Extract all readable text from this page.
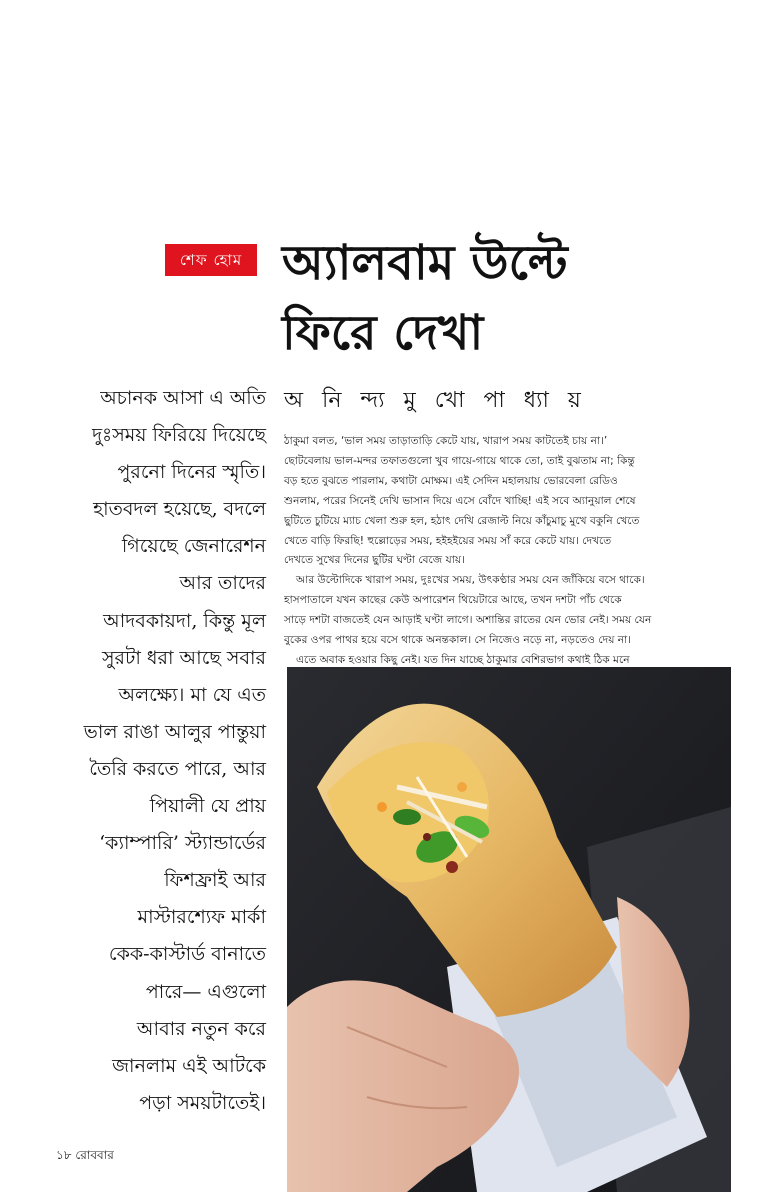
শেফ হোম অ্যালবাম উল্টে
ফিরে দেখা
অ নি ন্দ্য মু খো পা ধ্যা য়
অচানক আসা এ অতি
দুঃসময় ফিরিয়ে দিয়েছে
পুরনো দিনের স্মৃতি।
হাতবদল হয়েছে, বদলে
গিয়েছে জেনারেশন
আর তাদের
আদবকায়দা, কিন্তু মূল
সুরটা ধরা আছে সবার
অলক্ষ্যে। মা যে এত
ভাল রাঙা আলুর পান্তুয়া
তৈরি করতে পারে, আর
পিয়ালী যে প্রায়
‘ক্যাম্পারি’ স্ট্যান্ডার্ডের
ফিশফ্রাই আর
মাস্টারশ্যেফ মার্কা
কেক-কাস্টার্ড বানাতে
পারে— এগুলো
আবার নতুন করে
জানলাম এই আটকে
পড়া সময়টাতেই।
ঠাকুমা বলত, ‘ভাল সময় তাড়াতাড়ি কেটে যায়, খারাপ সময় কাটতেই চায় না।’
ছোটবেলায় ভাল-মন্দর তফাতগুলো খুব গায়ে-গায়ে থাকে তো, তাই বুঝতাম না; কিন্তু
বড় হতে বুঝতে পারলাম, কথাটা মোক্ষম। এই সেদিন মহালয়ায় ভোরবেলা রেডিও
শুনলাম, পরের সিনেই দেখি ভাসান দিয়ে এসে বোঁদে খাচ্ছি! এই সবে অ্যানুয়াল শেষে
ছুটিতে চুটিয়ে ম্যাচ খেলা শুরু হল, হঠাৎ দেখি রেজাল্ট নিয়ে কাঁচুমাচু মুখে বকুনি খেতে
খেতে বাড়ি ফিরছি! হুল্লোড়ের সময়, হইহইয়ের সময় সাঁ করে কেটে যায়। দেখতে
দেখতে সুখের দিনের ছুটির ঘণ্টা বেজে যায়।
আর উল্টোদিকে খারাপ সময়, দুঃখের সময়, উৎকণ্ঠার সময় যেন জাঁকিয়ে বসে থাকে।
হাসপাতালে যখন কাছের কেউ অপারেশন থিয়েটারে আছে, তখন দশটা পাঁচ থেকে
সাড়ে দশটা বাজতেই যেন আড়াই ঘণ্টা লাগে। অশান্তির রাতের যেন ভোর নেই। সময় যেন
বুকের ওপর পাথর হয়ে বসে থাকে অনন্তকাল। সে নিজেও নড়ে না, নড়তেও দেয় না।
এতে অবাক হওয়ার কিছু নেই। যত দিন যাচ্ছে ঠাকুমার বেশিরভাগ কথাই ঠিক মনে
১৮ রোববার
